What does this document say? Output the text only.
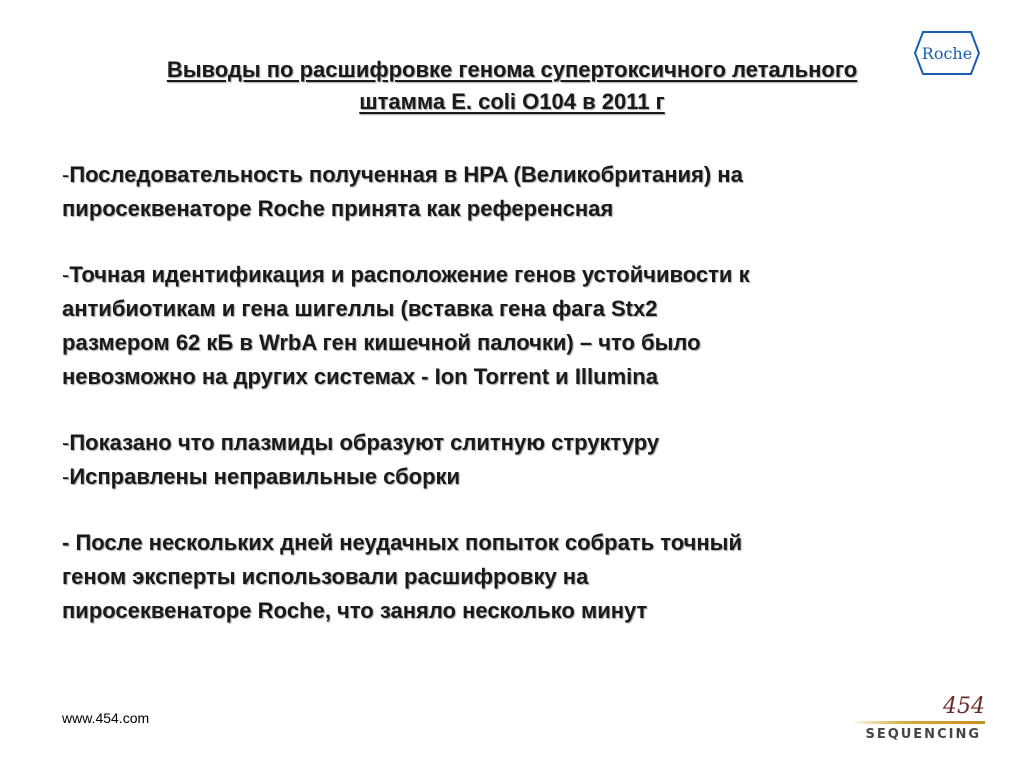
Roche
Выводы по расшифровке генома супертоксичного летального
штамма E. coli O104 в 2011 г
-Последовательность полученная в HPA (Великобритания) на
пиросеквенаторе Roche принята как референсная
-Точная идентификация и расположение генов устойчивости к
антибиотикам и гена шигеллы (вставка гена фага Stx2
размером 62 кБ в WrbA ген кишечной палочки) – что было
невозможно на других системах - Ion Torrent и Illumina
-Показано что плазмиды образуют слитную структуру
-Исправлены неправильные сборки
- После нескольких дней неудачных попыток собрать точный
геном эксперты использовали расшифровку на
пиросеквенаторе Roche, что заняло несколько минут
www.454.com	454
SEQUENCING
